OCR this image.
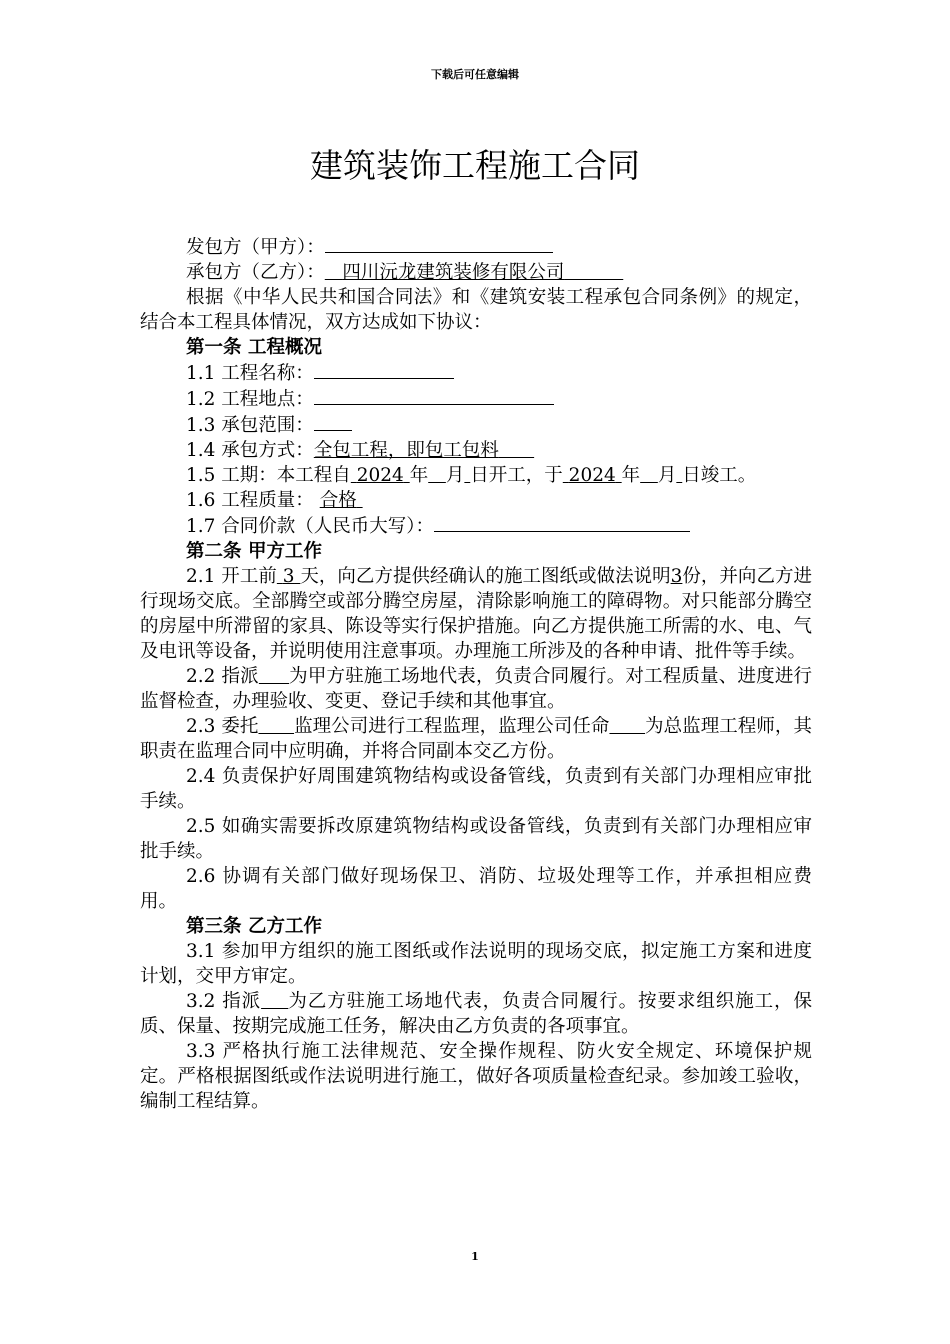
下载后可任意编辑
建筑装饰工程施工合同
发包方（甲方）：
承包方（乙方）： 四川沅龙建筑装修有限公司
根据《中华人民共和国合同法》和《建筑安装工程承包合同条例》的规定，结合本工程具体情况，双方达成如下协议：
第一条 工程概况
1.1 工程名称：
1.2 工程地点：
1.3 承包范围：
1.4 承包方式：全包工程，即包工包料
1.5 工期：本工程自 2024 年 月 日开工，于 2024 年 月 日竣工。
1.6 工程质量： 合格
1.7 合同价款（人民币大写）：
第二条 甲方工作
2.1 开工前 3 天，向乙方提供经确认的施工图纸或做法说明3份，并向乙方进行现场交底。全部腾空或部分腾空房屋，清除影响施工的障碍物。对只能部分腾空的房屋中所滞留的家具、陈设等实行保护措施。向乙方提供施工所需的水、电、气及电讯等设备，并说明使用注意事项。办理施工所涉及的各种申请、批件等手续。
2.2 指派 为甲方驻施工场地代表，负责合同履行。对工程质量、进度进行监督检查，办理验收、变更、登记手续和其他事宜。
2.3 委托 监理公司进行工程监理，监理公司任命 为总监理工程师，其职责在监理合同中应明确，并将合同副本交乙方份。
2.4 负责保护好周围建筑物结构或设备管线，负责到有关部门办理相应审批手续。
2.5 如确实需要拆改原建筑物结构或设备管线，负责到有关部门办理相应审批手续。
2.6 协调有关部门做好现场保卫、消防、垃圾处理等工作，并承担相应费用。
第三条 乙方工作
3.1 参加甲方组织的施工图纸或作法说明的现场交底，拟定施工方案和进度计划，交甲方审定。
3.2 指派 为乙方驻施工场地代表，负责合同履行。按要求组织施工，保质、保量、按期完成施工任务，解决由乙方负责的各项事宜。
3.3 严格执行施工法律规范、安全操作规程、防火安全规定、环境保护规定。严格根据图纸或作法说明进行施工，做好各项质量检查纪录。参加竣工验收，编制工程结算。
1
